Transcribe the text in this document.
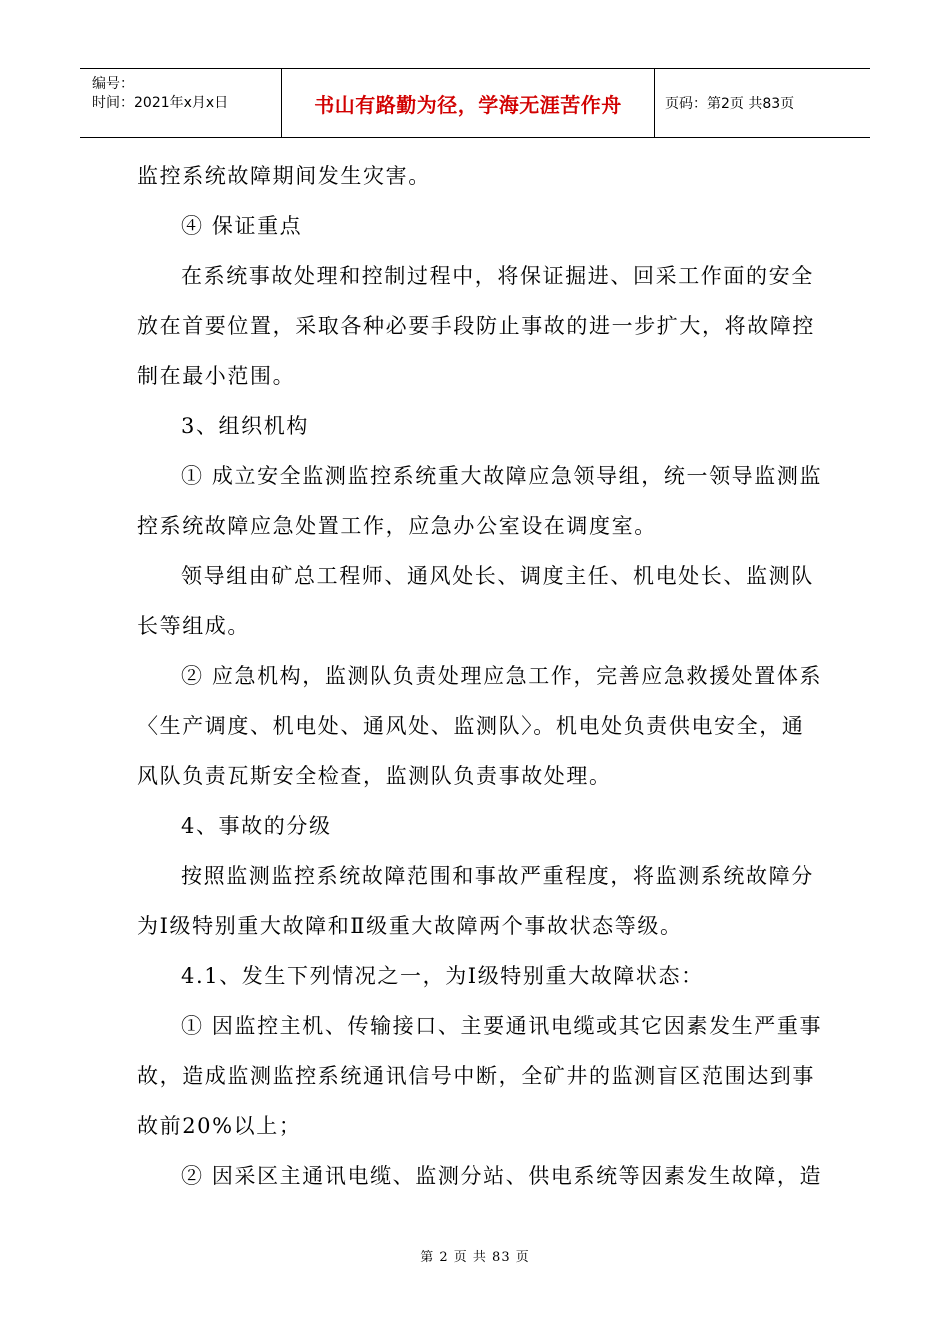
编号：
时间：2021年x月x日	书山有路勤为径，学海无涯苦作舟	页码：第2页 共83页
监控系统故障期间发生灾害。
④ 保证重点
在系统事故处理和控制过程中，将保证掘进、回采工作面的安全
放在首要位置，采取各种必要手段防止事故的进一步扩大，将故障控
制在最小范围。
3、组织机构
① 成立安全监测监控系统重大故障应急领导组，统一领导监测监
控系统故障应急处置工作，应急办公室设在调度室。
领导组由矿总工程师、通风处长、调度主任、机电处长、监测队
长等组成。
② 应急机构，监测队负责处理应急工作，完善应急救援处置体系
〈生产调度、机电处、通风处、监测队〉。机电处负责供电安全，通
风队负责瓦斯安全检查，监测队负责事故处理。
4、事故的分级
按照监测监控系统故障范围和事故严重程度，将监测系统故障分
为Ⅰ级特别重大故障和Ⅱ级重大故障两个事故状态等级。
4.1、发生下列情况之一，为Ⅰ级特别重大故障状态：
① 因监控主机、传输接口、主要通讯电缆或其它因素发生严重事
故，造成监测监控系统通讯信号中断，全矿井的监测盲区范围达到事
故前20%以上；
② 因采区主通讯电缆、监测分站、供电系统等因素发生故障，造
第 2 页 共 83 页
